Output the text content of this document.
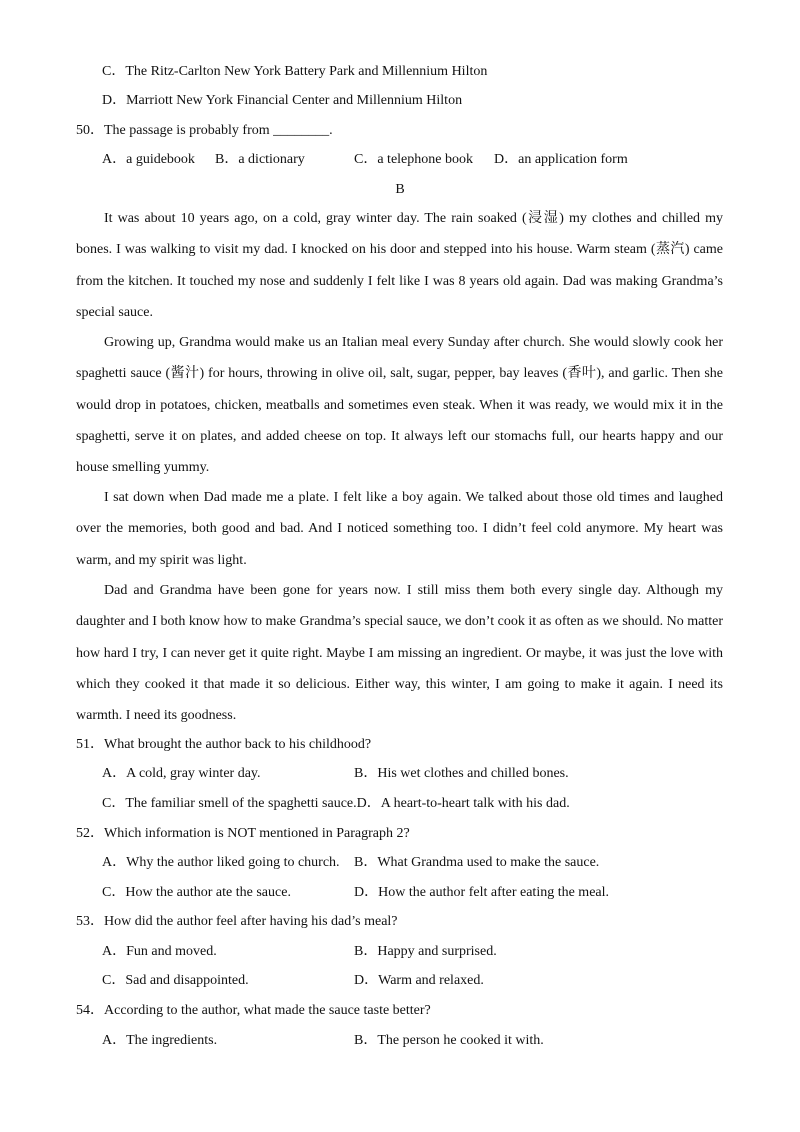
C．The Ritz-Carlton New York Battery Park and Millennium Hilton
D．Marriott New York Financial Center and Millennium Hilton
50．The passage is probably from ________.
A．a guidebook B．a dictionary	C．a telephone book D．an application form
B
It was about 10 years ago, on a cold, gray winter day. The rain soaked (浸湿) my clothes and chilled my bones. I was walking to visit my dad. I knocked on his door and stepped into his house. Warm steam (蒸汽) came from the kitchen. It touched my nose and suddenly I felt like I was 8 years old again. Dad was making Grandma’s special sauce.
Growing up, Grandma would make us an Italian meal every Sunday after church. She would slowly cook her spaghetti sauce (酱汁) for hours, throwing in olive oil, salt, sugar, pepper, bay leaves (香叶), and garlic. Then she would drop in potatoes, chicken, meatballs and sometimes even steak. When it was ready, we would mix it in the spaghetti, serve it on plates, and added cheese on top. It always left our stomachs full, our hearts happy and our house smelling yummy.
I sat down when Dad made me a plate. I felt like a boy again. We talked about those old times and laughed over the memories, both good and bad. And I noticed something too. I didn’t feel cold anymore. My heart was warm, and my spirit was light.
Dad and Grandma have been gone for years now. I still miss them both every single day. Although my daughter and I both know how to make Grandma’s special sauce, we don’t cook it as often as we should. No matter how hard I try, I can never get it quite right. Maybe I am missing an ingredient. Or maybe, it was just the love with which they cooked it that made it so delicious. Either way, this winter, I am going to make it again. I need its warmth. I need its goodness.
51．What brought the author back to his childhood?
A．A cold, gray winter day.	B．His wet clothes and chilled bones.
C．The familiar smell of the spaghetti sauce.D．A heart-to-heart talk with his dad.
52．Which information is NOT mentioned in Paragraph 2?
A．Why the author liked going to church. B．What Grandma used to make the sauce.
C．How the author ate the sauce.	D．How the author felt after eating the meal.
53．How did the author feel after having his dad’s meal?
A．Fun and moved.	B．Happy and surprised.
C．Sad and disappointed.	D．Warm and relaxed.
54．According to the author, what made the sauce taste better?
A．The ingredients.	B．The person he cooked it with.
